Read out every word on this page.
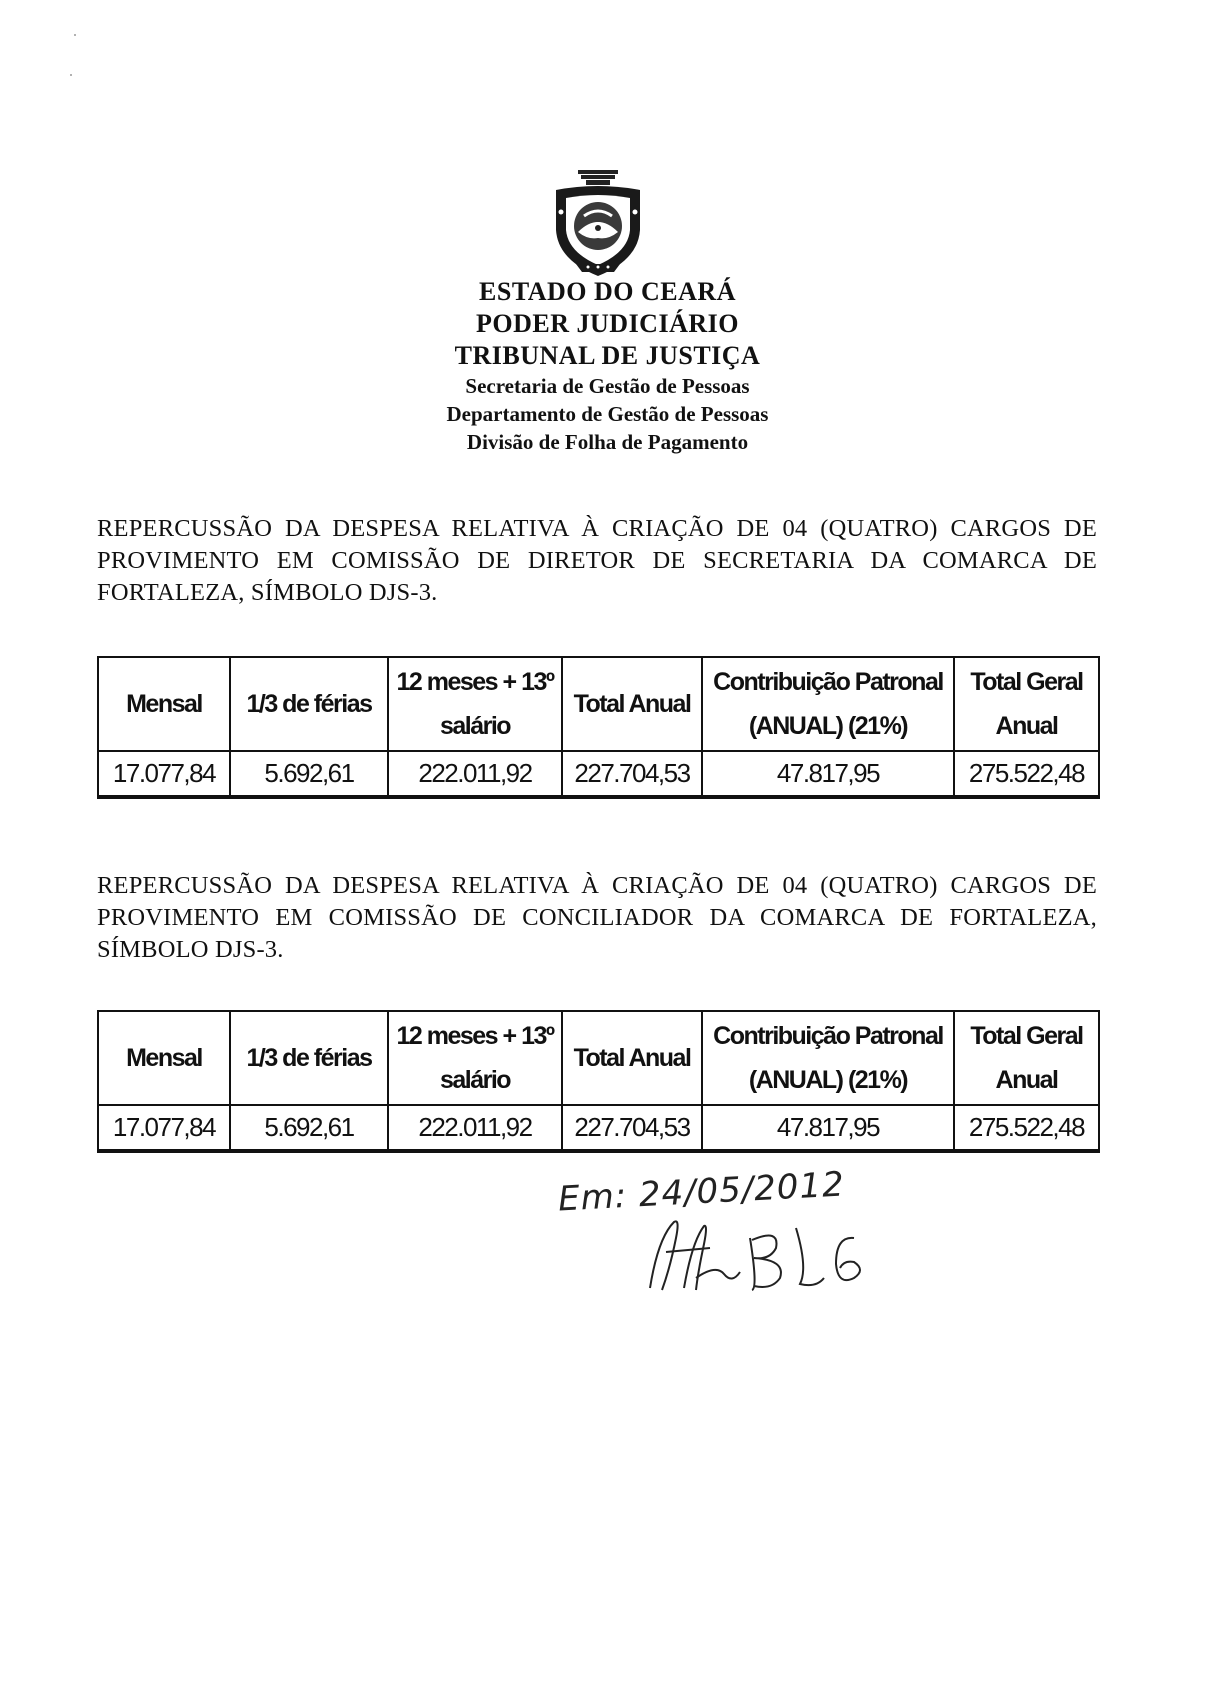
ESTADO DO CEARÁ
PODER JUDICIÁRIO
TRIBUNAL DE JUSTIÇA
Secretaria de Gestão de Pessoas
Departamento de Gestão de Pessoas
Divisão de Folha de Pagamento
REPERCUSSÃO DA DESPESA RELATIVA À CRIAÇÃO DE 04 (QUATRO) CARGOS DE PROVIMENTO EM COMISSÃO DE DIRETOR DE SECRETARIA DA COMARCA DE FORTALEZA, SÍMBOLO DJS-3.
Mensal	1/3 de férias	12 meses + 13º salário	Total Anual	Contribuição Patronal (ANUAL) (21%)	Total Geral Anual
17.077,84	5.692,61	222.011,92	227.704,53	47.817,95	275.522,48
REPERCUSSÃO DA DESPESA RELATIVA À CRIAÇÃO DE 04 (QUATRO) CARGOS DE PROVIMENTO EM COMISSÃO DE CONCILIADOR DA COMARCA DE FORTALEZA, SÍMBOLO DJS-3.
Mensal	1/3 de férias	12 meses + 13º salário	Total Anual	Contribuição Patronal (ANUAL) (21%)	Total Geral Anual
17.077,84	5.692,61	222.011,92	227.704,53	47.817,95	275.522,48
Em: 24/05/2012
